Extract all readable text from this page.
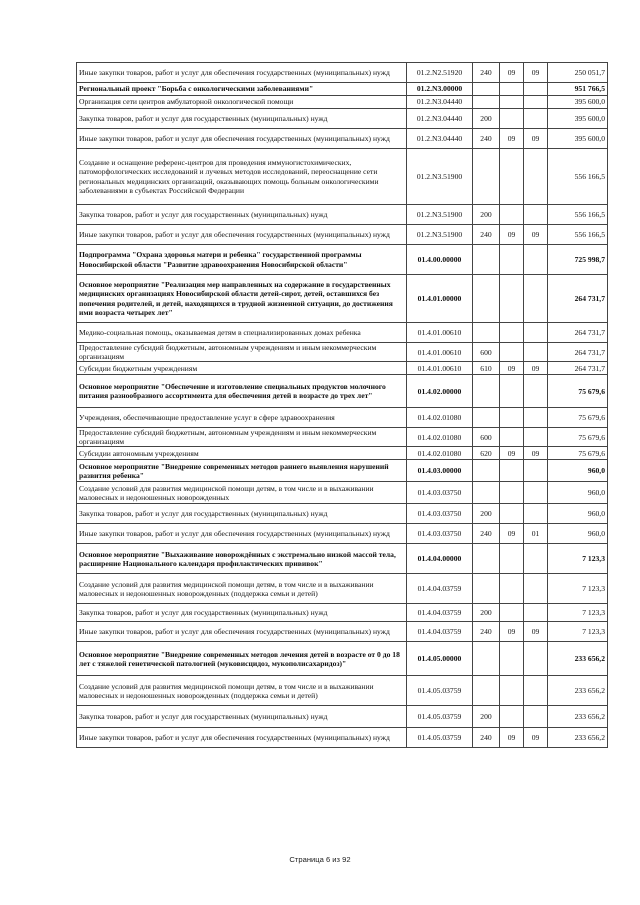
Иные закупки товаров, работ и услуг для обеспечения государственных (муниципальных) нужд	01.2.N2.51920	240	09	09	250 051,7
Региональный проект "Борьба с онкологическими заболеваниями"	01.2.N3.00000				951 766,5
Организация сети центров амбулаторной онкологической помощи	01.2.N3.04440				395 600,0
Закупка товаров, работ и услуг для государственных (муниципальных) нужд	01.2.N3.04440	200			395 600,0
Иные закупки товаров, работ и услуг для обеспечения государственных (муниципальных) нужд	01.2.N3.04440	240	09	09	395 600,0
Создание и оснащение референс-центров для проведения иммуногистохимических, патоморфологических исследований и лучевых методов исследований, переоснащение сети региональных медицинских организаций, оказывающих помощь больным онкологическими заболеваниями в субъектах Российской Федерации	01.2.N3.51900				556 166,5
Закупка товаров, работ и услуг для государственных (муниципальных) нужд	01.2.N3.51900	200			556 166,5
Иные закупки товаров, работ и услуг для обеспечения государственных (муниципальных) нужд	01.2.N3.51900	240	09	09	556 166,5
Подпрограмма "Охрана здоровья матери и ребенка" государственной программы Новосибирской области "Развитие здравоохранения Новосибирской области"	01.4.00.00000				725 998,7
Основное мероприятие "Реализация мер направленных на содержание в государственных медицинских организациях Новосибирской области детей-сирот, детей, оставшихся без попечения родителей, и детей, находящихся в трудной жизненной ситуации, до достижения ими возраста четырех лет"	01.4.01.00000				264 731,7
Медико-социальная помощь, оказываемая детям в специализированных домах ребенка	01.4.01.00610				264 731,7
Предоставление субсидий бюджетным, автономным учреждениям и иным некоммерческим организациям	01.4.01.00610	600			264 731,7
Субсидии бюджетным учреждениям	01.4.01.00610	610	09	09	264 731,7
Основное мероприятие "Обеспечение и изготовление специальных продуктов молочного питания разнообразного ассортимента для обеспечения детей в возрасте до трех лет"	01.4.02.00000				75 679,6
Учреждения, обеспечивающие предоставление услуг в сфере здравоохранения	01.4.02.01080				75 679,6
Предоставление субсидий бюджетным, автономным учреждениям и иным некоммерческим организациям	01.4.02.01080	600			75 679,6
Субсидии автономным учреждениям	01.4.02.01080	620	09	09	75 679,6
Основное мероприятие "Внедрение современных методов раннего выявления нарушений развития ребенка"	01.4.03.00000				960,0
Создание условий для развития медицинской помощи детям, в том числе и в выхаживании маловесных и недоношенных новорожденных	01.4.03.03750				960,0
Закупка товаров, работ и услуг для государственных (муниципальных) нужд	01.4.03.03750	200			960,0
Иные закупки товаров, работ и услуг для обеспечения государственных (муниципальных) нужд	01.4.03.03750	240	09	01	960,0
Основное мероприятие "Выхаживание новорождённых с экстремально низкой массой тела, расширение Национального календаря профилактических прививок"	01.4.04.00000				7 123,3
Создание условий для развития медицинской помощи детям, в том числе и в выхаживании маловесных и недоношенных новорожденных (поддержка семьи и детей)	01.4.04.03759				7 123,3
Закупка товаров, работ и услуг для государственных (муниципальных) нужд	01.4.04.03759	200			7 123,3
Иные закупки товаров, работ и услуг для обеспечения государственных (муниципальных) нужд	01.4.04.03759	240	09	09	7 123,3
Основное мероприятие "Внедрение современных методов лечения детей в возрасте от 0 до 18 лет с тяжелой генетической патологией (муковисцидоз, мукополисахаридоз)"	01.4.05.00000				233 656,2
Создание условий для развития медицинской помощи детям, в том числе и в выхаживании маловесных и недоношенных новорожденных (поддержка семьи и детей)	01.4.05.03759				233 656,2
Закупка товаров, работ и услуг для государственных (муниципальных) нужд	01.4.05.03759	200			233 656,2
Иные закупки товаров, работ и услуг для обеспечения государственных (муниципальных) нужд	01.4.05.03759	240	09	09	233 656,2
Страница 6 из 92
